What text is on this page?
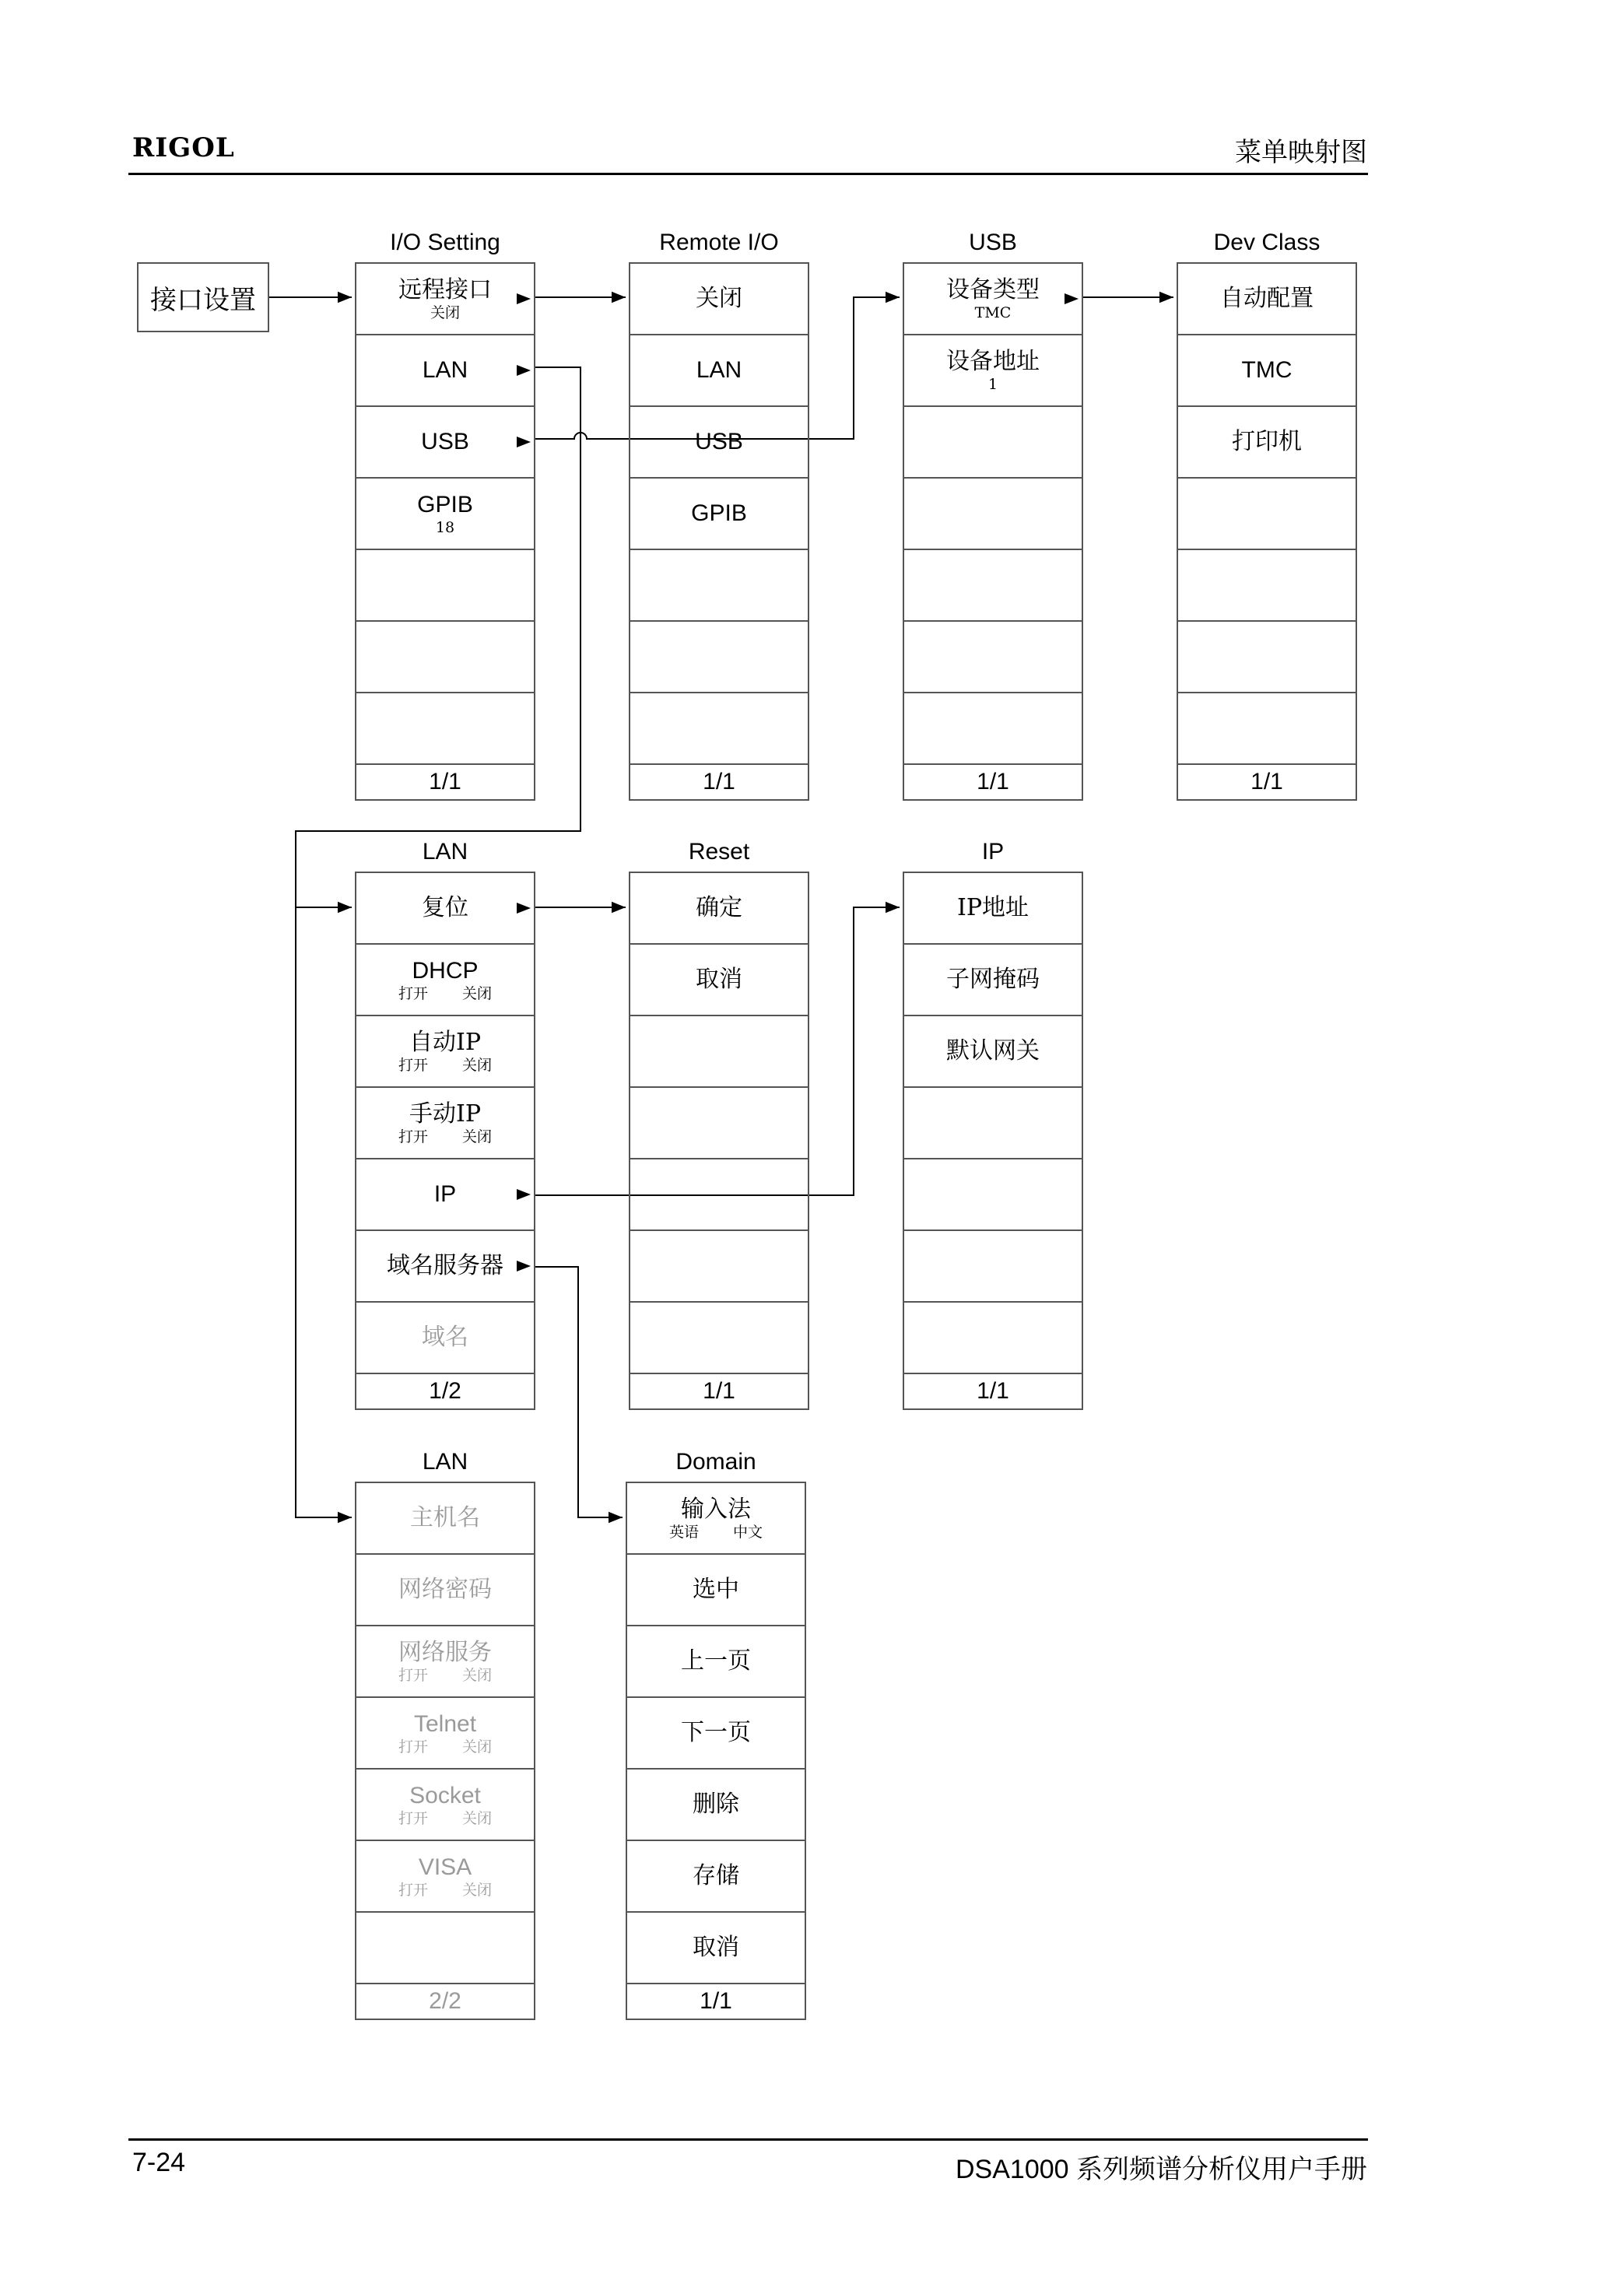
RIGOL	菜单映射图
接口设置
I/O Setting
远程接口
关闭
LAN
USB
GPIB
18
1/1
Remote I/O
关闭
LAN
USB
GPIB
1/1
USB
设备类型
TMC
设备地址
1
1/1
Dev Class
自动配置
TMC
打印机
1/1
LAN
复位
DHCP
打开 关闭
自动IP
打开 关闭
手动IP
打开 关闭
IP
域名服务器
域名
1/2
Reset
确定
取消
1/1
IP
IP地址
子网掩码
默认网关
1/1
LAN
主机名
网络密码
网络服务
打开 关闭
Telnet
打开 关闭
Socket
打开 关闭
VISA
打开 关闭
2/2
Domain
输入法
英语 中文
选中
上一页
下一页
删除
存储
取消
1/1
7-24	DSA1000 系列频谱分析仪用户手册
